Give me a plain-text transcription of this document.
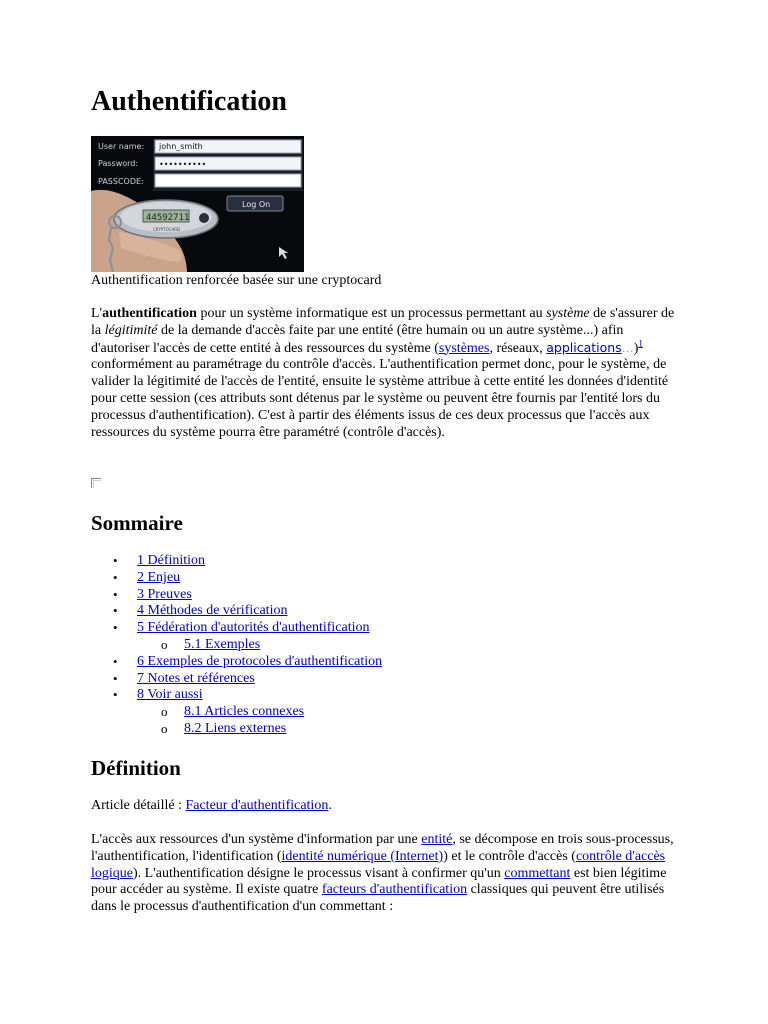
Authentification
User name: john_smith
Password:	••••••••••
PASSCODE:
Log On
44592711
CRYPTOCARD
Authentification renforcée basée sur une cryptocard
L'authentification pour un système informatique est un processus permettant au système de s'assurer de la légitimité de la demande d'accès faite par une entité (être humain ou un autre système...) afin d'autoriser l'accès de cette entité à des ressources du système (systèmes, réseaux, applications…)$^1$ conformément au paramétrage du contrôle d'accès. L'authentification permet donc, pour le système, de valider la légitimité de l'accès de l'entité, ensuite le système attribue à cette entité les données d'identité pour cette session (ces attributs sont détenus par le système ou peuvent être fournis par l'entité lors du processus d'authentification). C'est à partir des éléments issus de ces deux processus que l'accès aux ressources du système pourra être paramétré (contrôle d'accès).
Sommaire
• 1 Définition
• 2 Enjeu
• 3 Preuves
• 4 Méthodes de vérification
• 5 Fédération d'autorités d'authentification
o 5.1 Exemples
• 6 Exemples de protocoles d'authentification
• 7 Notes et références
• 8 Voir aussi
o 8.1 Articles connexes
o 8.2 Liens externes
Définition
Article détaillé : Facteur d'authentification.
L'accès aux ressources d'un système d'information par une entité, se décompose en trois sous-processus, l'authentification, l'identification (identité numérique (Internet)) et le contrôle d'accès (contrôle d'accès logique). L'authentification désigne le processus visant à confirmer qu'un commettant est bien légitime pour accéder au système. Il existe quatre facteurs d'authentification classiques qui peuvent être utilisés dans le processus d'authentification d'un commettant :
